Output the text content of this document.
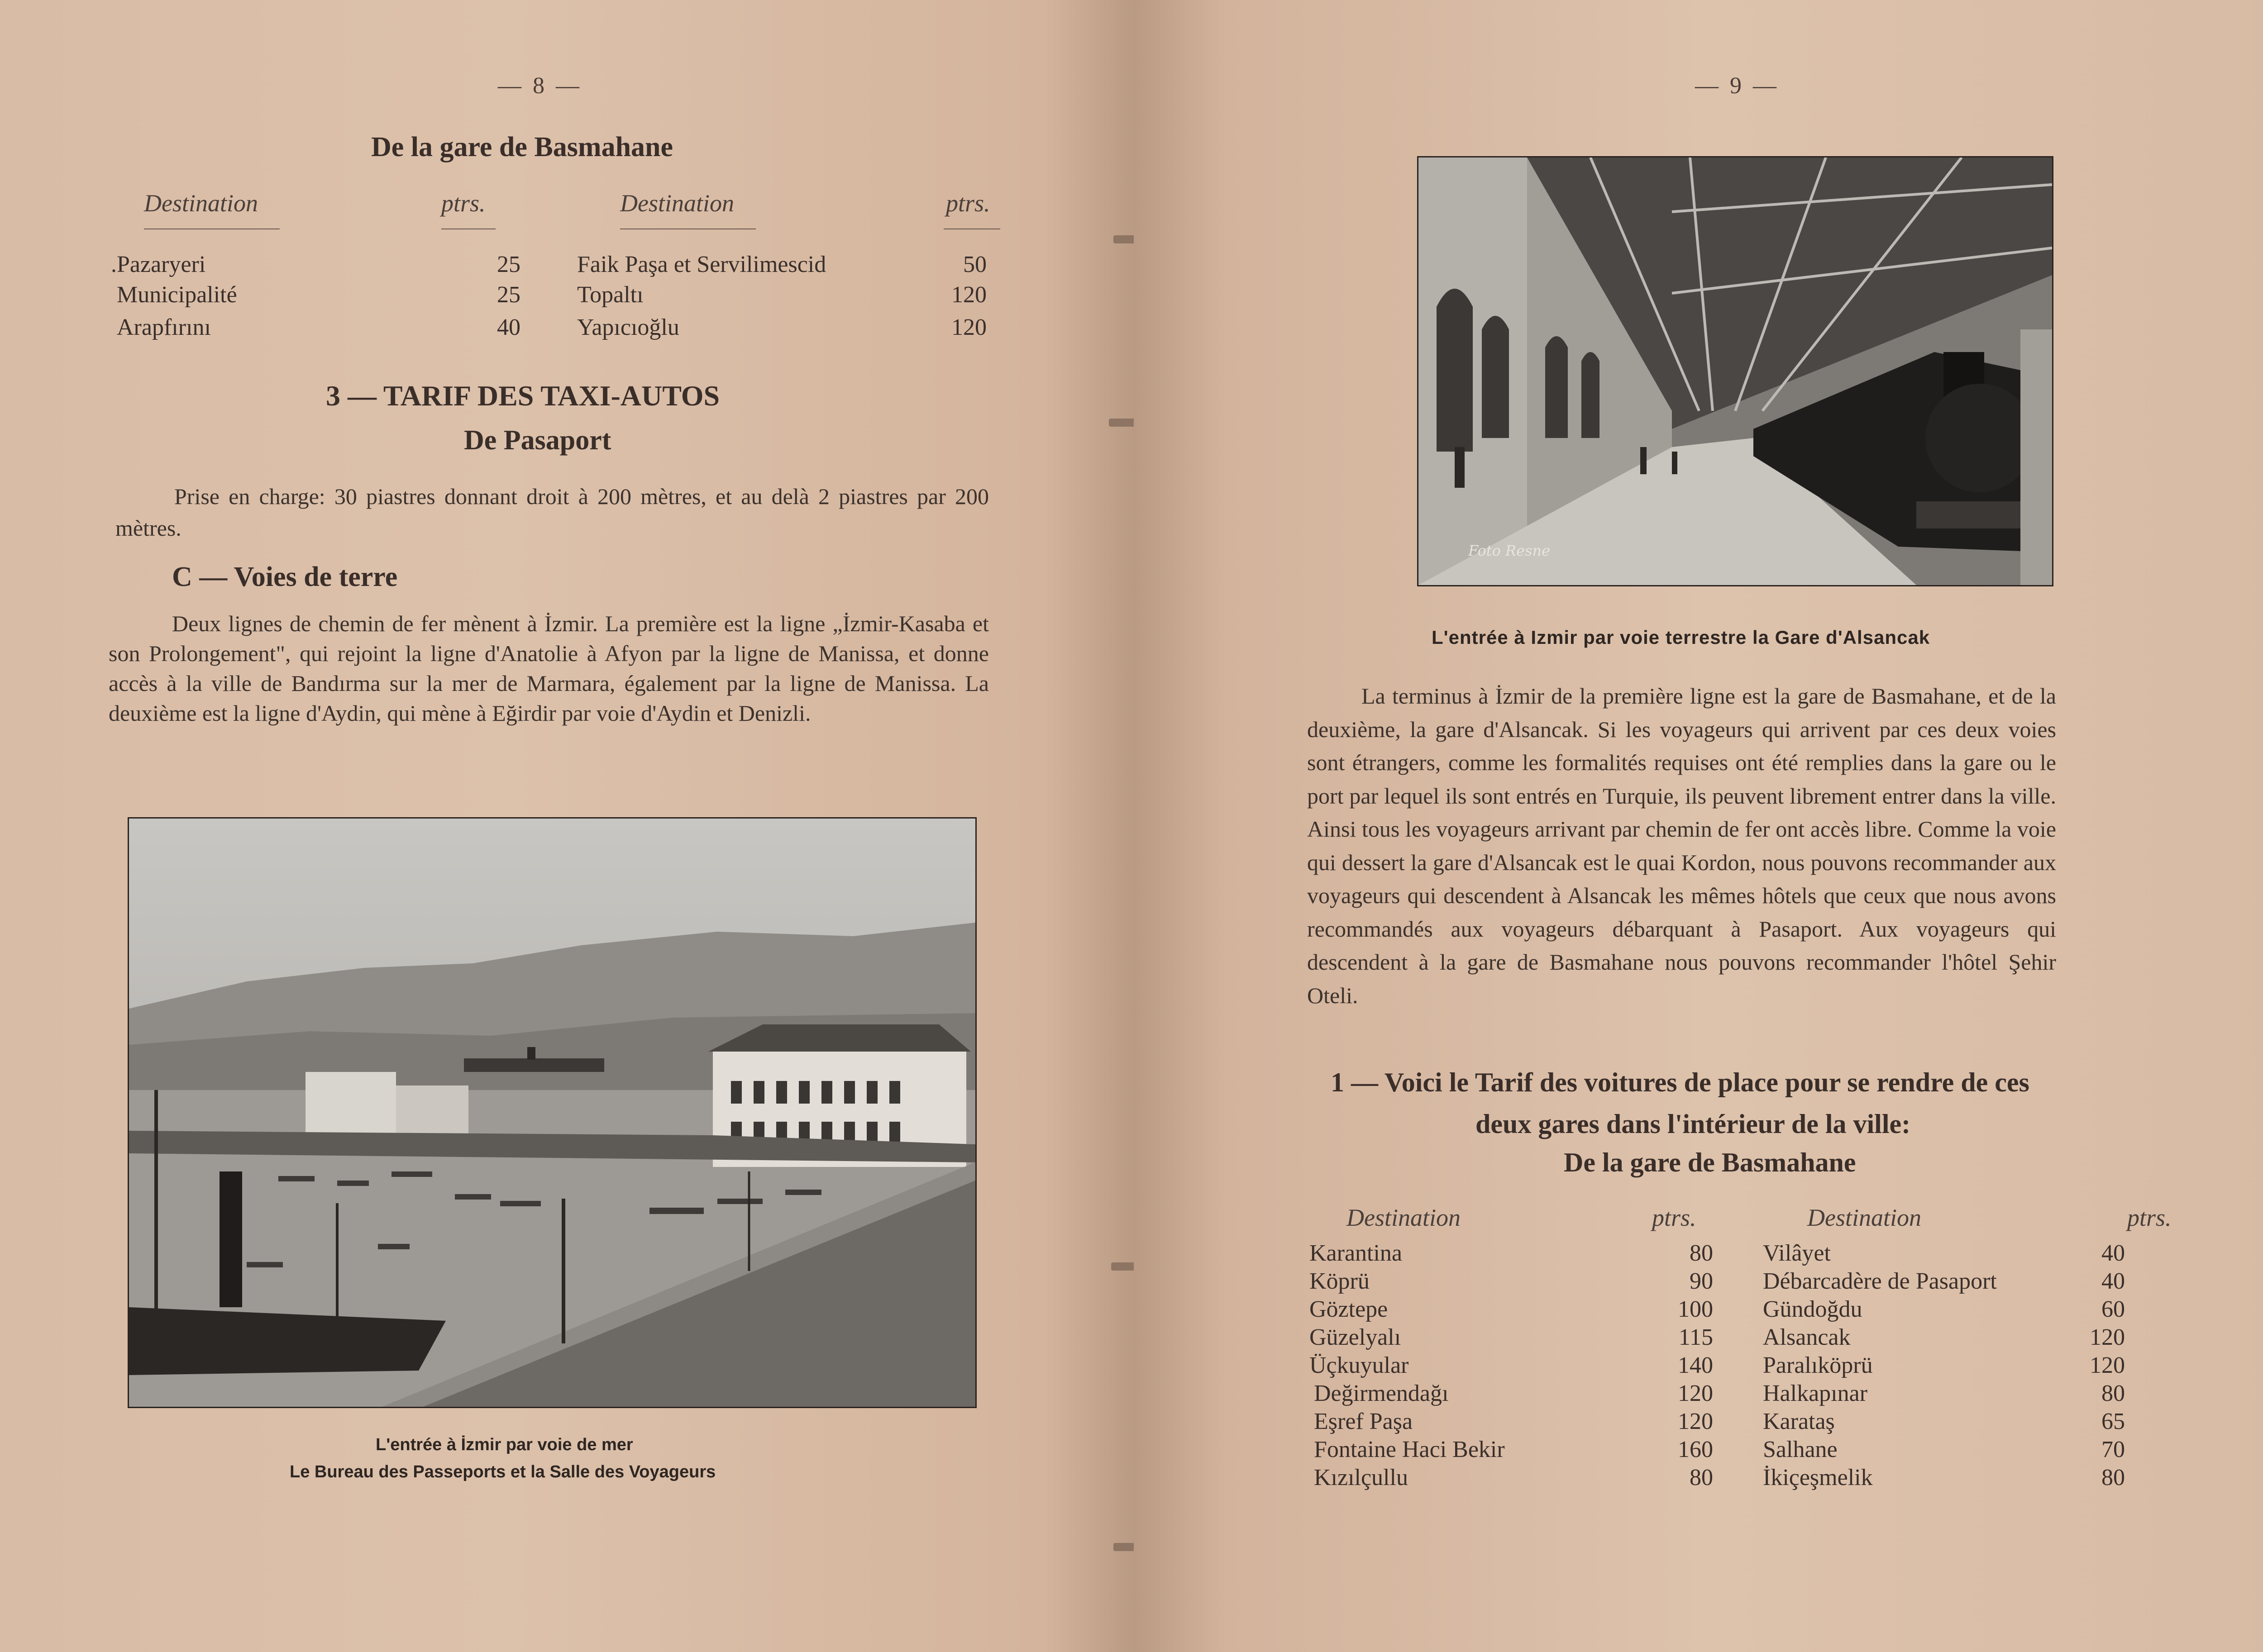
— 8 —
De la gare de Basmahane
Destination	ptrs.	Destination	ptrs.
.Pazaryeri	25 Faik Paşa et Servilimescid	50
Municipalité	25 Topaltı	120
Arapfırını	40 Yapıcıoğlu	120
3 — TARIF DES TAXI-AUTOS
De Pasaport
Prise en charge: 30 piastres donnant droit à 200 mètres, et au delà 2 piastres par 200 mètres.
C — Voies de terre
Deux lignes de chemin de fer mènent à İzmir. La première est la ligne „İzmir-Kasaba et son Prolongement", qui rejoint la ligne d'Anatolie à Afyon par la ligne de Manissa, et donne accès à la ville de Bandırma sur la mer de Marmara, également par la ligne de Manissa. La deuxième est la ligne d'Aydin, qui mène à Eğirdir par voie d'Aydin et Denizli.
L'entrée à İzmir par voie de mer
Le Bureau des Passeports et la Salle des Voyageurs
— 9 —
Foto Resne
L'entrée à Izmir par voie terrestre la Gare d'Alsancak
La terminus à İzmir de la première ligne est la gare de Basmahane, et de la deuxième, la gare d'Alsancak. Si les voyageurs qui arrivent par ces deux voies sont étrangers, comme les formalités requises ont été remplies dans la gare ou le port par lequel ils sont entrés en Turquie, ils peuvent librement entrer dans la ville. Ainsi tous les voyageurs arrivant par chemin de fer ont accès libre. Comme la voie qui dessert la gare d'Alsancak est le quai Kordon, nous pouvons recommander aux voyageurs qui descendent à Alsancak les mêmes hôtels que ceux que nous avons recommandés aux voyageurs débarquant à Pasaport. Aux voyageurs qui descendent à la gare de Basmahane nous pouvons recommander l'hôtel Şehir Oteli.
1 — Voici le Tarif des voitures de place pour se rendre de ces
deux gares dans l'intérieur de la ville:
De la gare de Basmahane
Destination	ptrs.	Destination	ptrs.
Karantina	80 Vilâyet	40
Köprü	90 Débarcadère de Pasaport	40
Göztepe	100 Gündoğdu	60
Güzelyalı	115 Alsancak	120
Üçkuyular	140 Paralıköprü	120
Değirmendağı	120 Halkapınar	80
Eşref Paşa	120 Karataş	65
Fontaine Haci Bekir	160 Salhane	70
Kızılçullu	80 İkiçeşmelik	80
